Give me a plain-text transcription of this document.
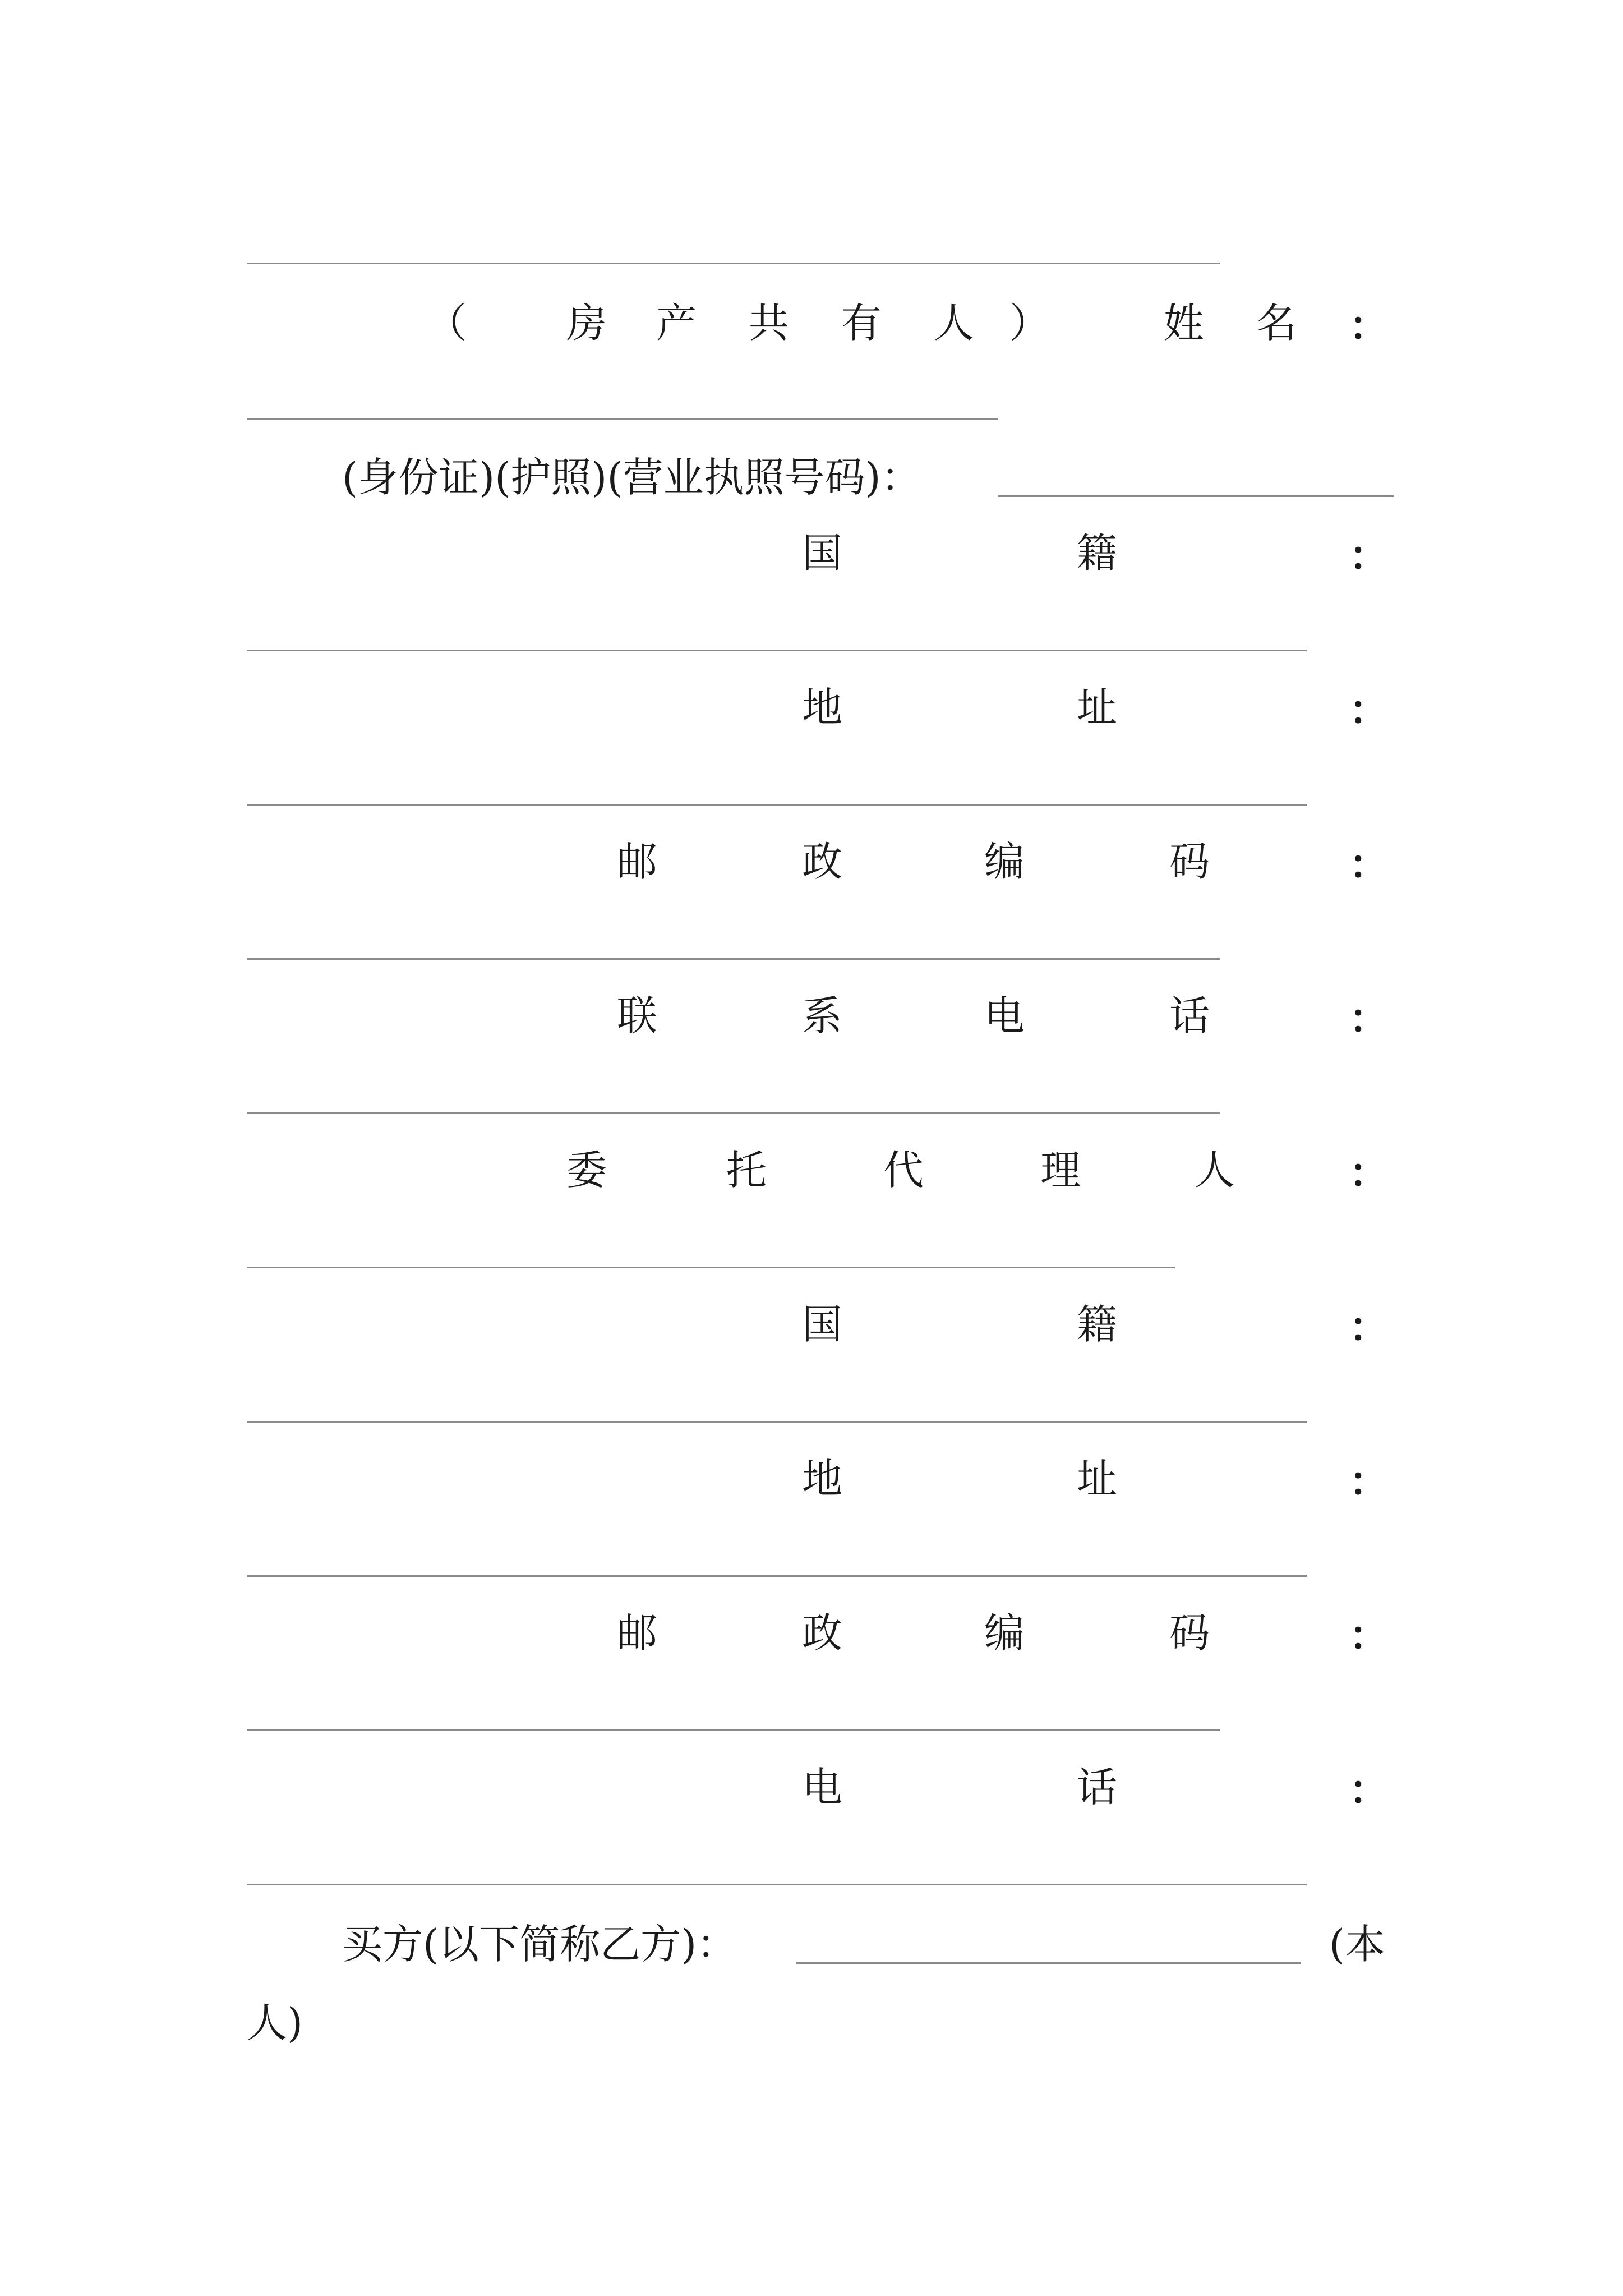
（ 房 产 共 有 人 ）	姓 名 ：
(身份证)(护照)(营业执照号码)：
国	籍	：
地	址	：
邮	政	编	码	：
联	系	电	话	：
委	托	代	理	人	：
国	籍	：
地	址	：
邮	政	编	码	：
电	话	：
买方(以下简称乙方)：	(本
人)
